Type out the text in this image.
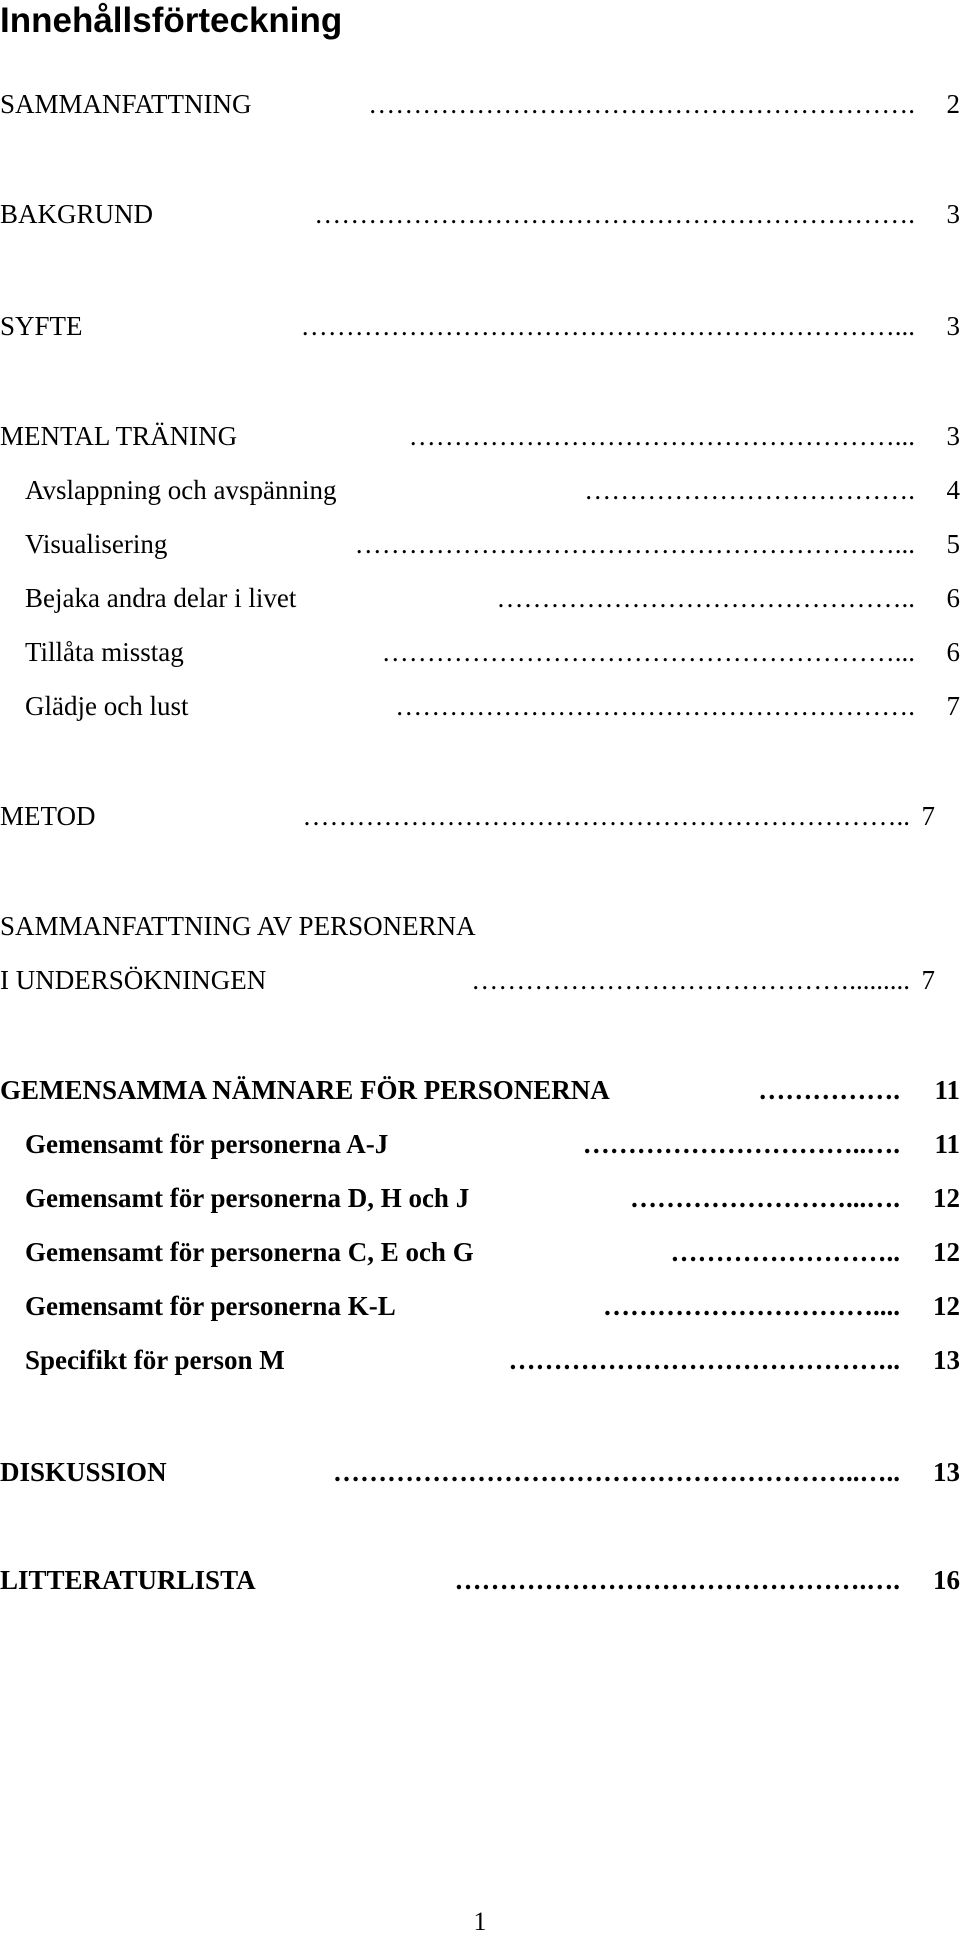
Innehållsförteckning
SAMMANFATTNING	…………………………………………………….	2
BAKGRUND	………………………………………………………….	3
SYFTE	…………………………………………………………...	3
MENTAL TRÄNING	………………………………………………...	3
Avslappning och avspänning	……………………………….	4
Visualisering	……………………………………………………...	5
Bejaka andra delar i livet	………………………………………..	6
Tillåta misstag	…………………………………………………...	6
Glädje och lust	………………………………………………….	7
METOD	………………………………………………………….. 7
SAMMANFATTNING AV PERSONERNA
I UNDERSÖKNINGEN	……………………………………......... 7
GEMENSAMMA NÄMNARE FÖR PERSONERNA	…………….	11
Gemensamt för personerna A-J	…………………………..….	11
Gemensamt för personerna D, H och J	……………………...….	12
Gemensamt för personerna C, E och G	……………………..	12
Gemensamt för personerna K-L	…………………………....	12
Specifikt för person M	……………………………………..	13
DISKUSSION	…………………………………………………..…..	13
LITTERATURLISTA	……………………………………….….	16
1
